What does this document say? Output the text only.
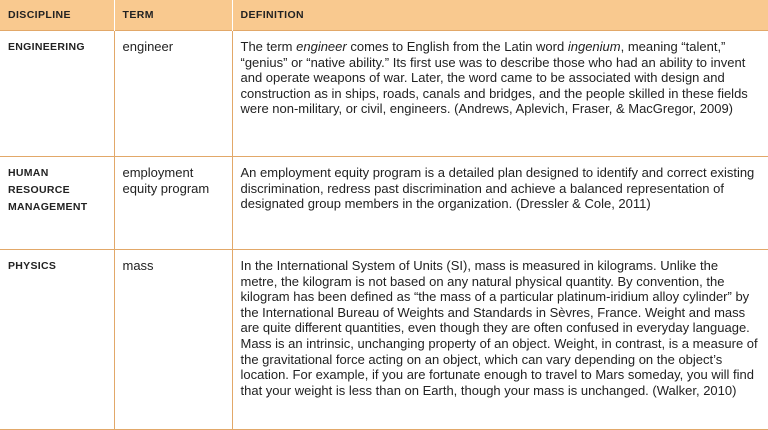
DISCIPLINE	TERM	DEFINITION
ENGINEERING	engineer	The term engineer comes to English from the Latin word ingenium, meaning “talent,” “genius” or “native ability.” Its first use was to describe those who had an ability to invent and operate weapons of war. Later, the word came to be associated with design and construction as in ships, roads, canals and bridges, and the people skilled in these fields were non-military, or civil, engineers. (Andrews, Aplevich, Fraser, & MacGregor, 2009)
HUMAN RESOURCE MANAGEMENT	employment equity program	An employment equity program is a detailed plan designed to identify and correct existing discrimination, redress past discrimination and achieve a balanced representation of designated group members in the organization. (Dressler & Cole, 2011)
PHYSICS	mass	In the International System of Units (SI), mass is measured in kilograms. Unlike the metre, the kilogram is not based on any natural physical quantity. By convention, the kilogram has been defined as “the mass of a particular platinum-iridium alloy cylinder” by the International Bureau of Weights and Standards in Sèvres, France. Weight and mass are quite different quantities, even though they are often confused in everyday language. Mass is an intrinsic, unchanging property of an object. Weight, in contrast, is a measure of the gravitational force acting on an object, which can vary depending on the object’s location. For example, if you are fortunate enough to travel to Mars someday, you will find that your weight is less than on Earth, though your mass is unchanged. (Walker, 2010)
